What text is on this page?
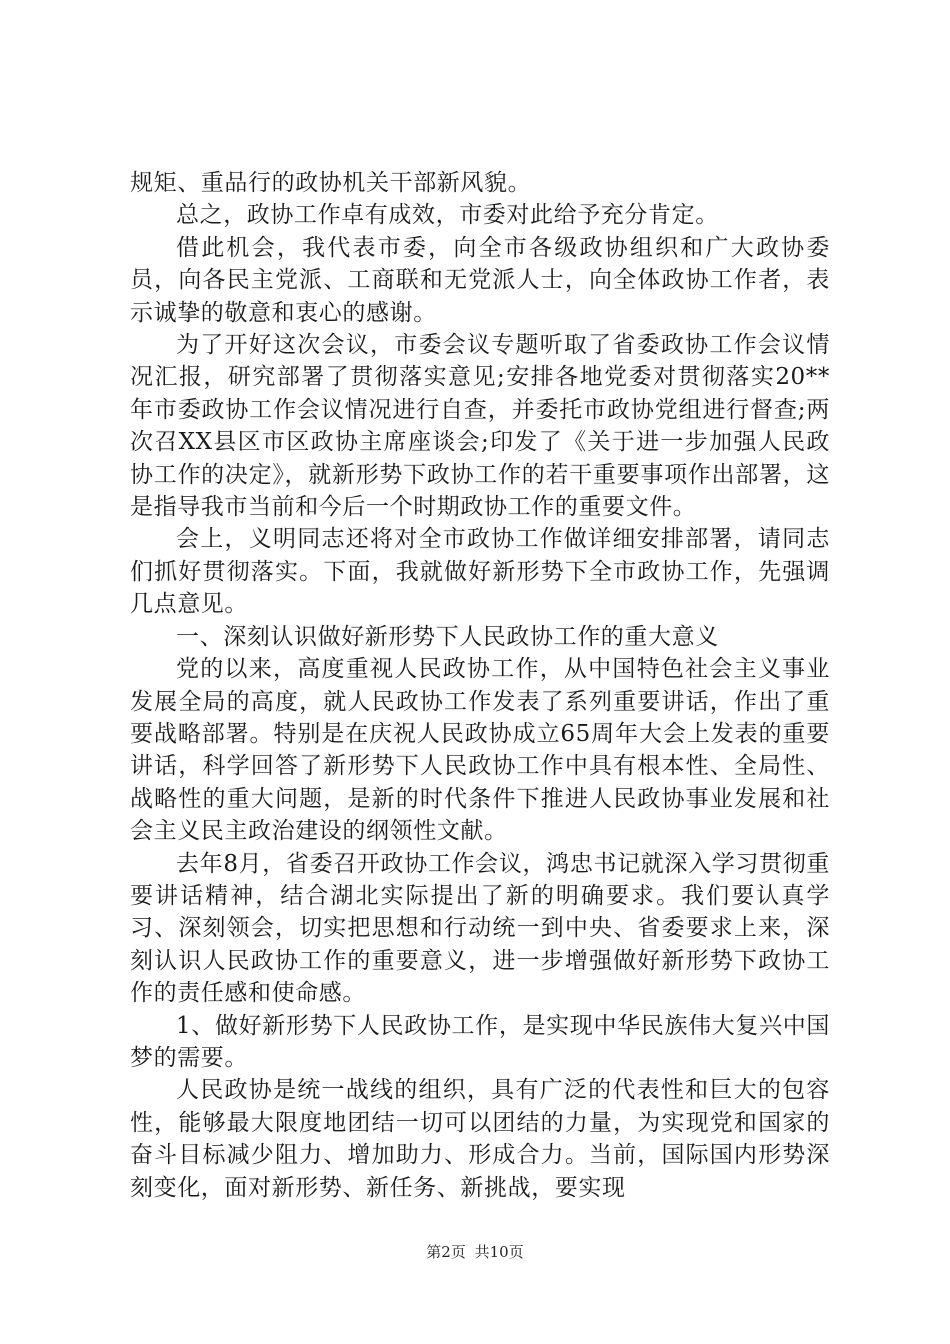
规矩、重品行的政协机关干部新风貌。

总之，政协工作卓有成效，市委对此给予充分肯定。

借此机会，我代表市委，向全市各级政协组织和广大政协委员，向各民主党派、工商联和无党派人士，向全体政协工作者，表示诚挚的敬意和衷心的感谢。

为了开好这次会议，市委会议专题听取了省委政协工作会议情况汇报，研究部署了贯彻落实意见;安排各地党委对贯彻落实20**年市委政协工作会议情况进行自查，并委托市政协党组进行督查;两次召XX县区市区政协主席座谈会;印发了《关于进一步加强人民政协工作的决定》，就新形势下政协工作的若干重要事项作出部署，这是指导我市当前和今后一个时期政协工作的重要文件。

会上，义明同志还将对全市政协工作做详细安排部署，请同志们抓好贯彻落实。下面，我就做好新形势下全市政协工作，先强调几点意见。

一、深刻认识做好新形势下人民政协工作的重大意义

党的以来，高度重视人民政协工作，从中国特色社会主义事业发展全局的高度，就人民政协工作发表了系列重要讲话，作出了重要战略部署。特别是在庆祝人民政协成立65周年大会上发表的重要讲话，科学回答了新形势下人民政协工作中具有根本性、全局性、战略性的重大问题，是新的时代条件下推进人民政协事业发展和社会主义民主政治建设的纲领性文献。

去年8月，省委召开政协工作会议，鸿忠书记就深入学习贯彻重要讲话精神，结合湖北实际提出了新的明确要求。我们要认真学习、深刻领会，切实把思想和行动统一到中央、省委要求上来，深刻认识人民政协工作的重要意义，进一步增强做好新形势下政协工作的责任感和使命感。

1、做好新形势下人民政协工作，是实现中华民族伟大复兴中国梦的需要。

人民政协是统一战线的组织，具有广泛的代表性和巨大的包容性，能够最大限度地团结一切可以团结的力量，为实现党和国家的奋斗目标减少阻力、增加助力、形成合力。当前，国际国内形势深刻变化，面对新形势、新任务、新挑战，要实现

第2页 共10页
